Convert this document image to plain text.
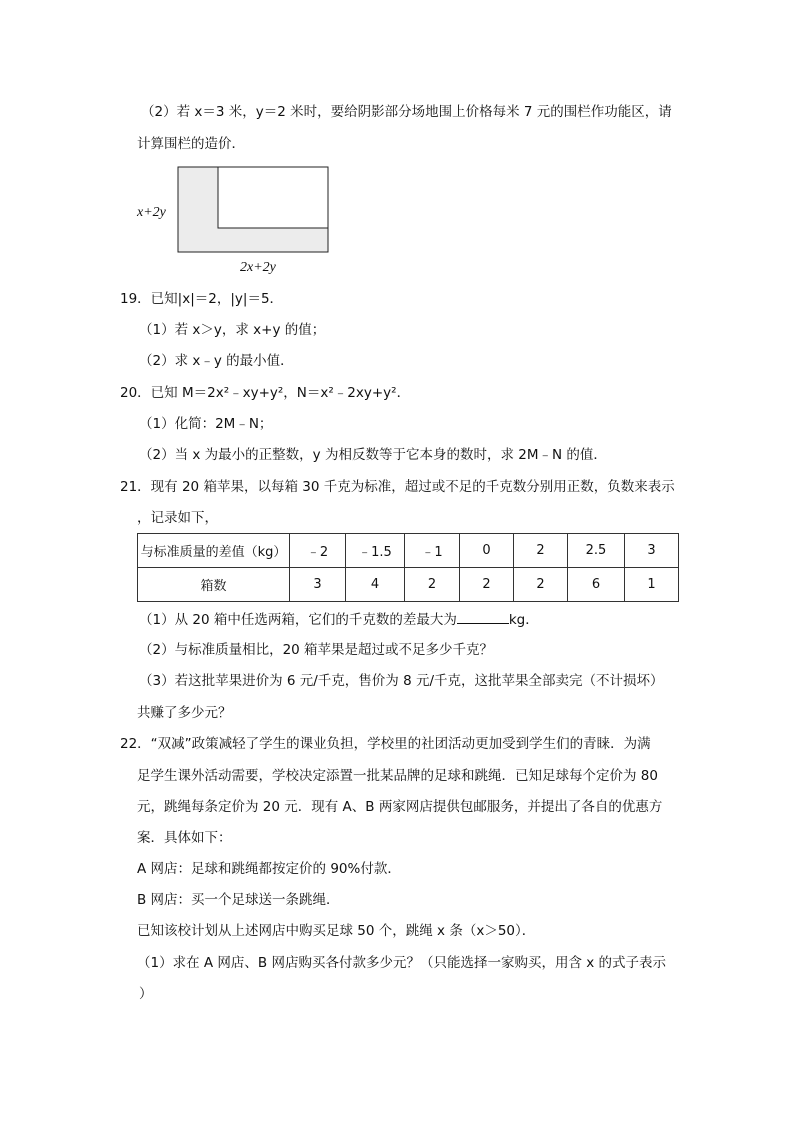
（2）若 x＝3 米，y＝2 米时，要给阴影部分场地围上价格每米 7 元的围栏作功能区，请
计算围栏的造价．
x+2y
2x+2y
19．已知|x|＝2，|y|＝5．
（1）若 x＞y，求 x+y 的值；
（2）求 x﹣y 的最小值．
20．已知 M＝2x²﹣xy+y²，N＝x²﹣2xy+y²．
（1）化简：2M﹣N；
（2）当 x 为最小的正整数，y 为相反数等于它本身的数时，求 2M﹣N 的值．
21．现有 20 箱苹果，以每箱 30 千克为标准，超过或不足的千克数分别用正数，负数来表示
，记录如下，
与标准质量的差值（kg）	﹣2	﹣1.5	﹣1	0	2	2.5	3
箱数	3	4	2	2	2	6	1
（1）从 20 箱中任选两箱，它们的千克数的差最大为	kg．
（2）与标准质量相比，20 箱苹果是超过或不足多少千克？
（3）若这批苹果进价为 6 元/千克，售价为 8 元/千克，这批苹果全部卖完（不计损坏）
共赚了多少元？
22．“双减”政策减轻了学生的课业负担，学校里的社团活动更加受到学生们的青睐．为满
足学生课外活动需要，学校决定添置一批某品牌的足球和跳绳．已知足球每个定价为 80
元，跳绳每条定价为 20 元．现有 A、B 两家网店提供包邮服务，并提出了各自的优惠方
案．具体如下：
A 网店：足球和跳绳都按定价的 90%付款．
B 网店：买一个足球送一条跳绳．
已知该校计划从上述网店中购买足球 50 个，跳绳 x 条（x＞50）．
（1）求在 A 网店、B 网店购买各付款多少元？（只能选择一家购买，用含 x 的式子表示
）
